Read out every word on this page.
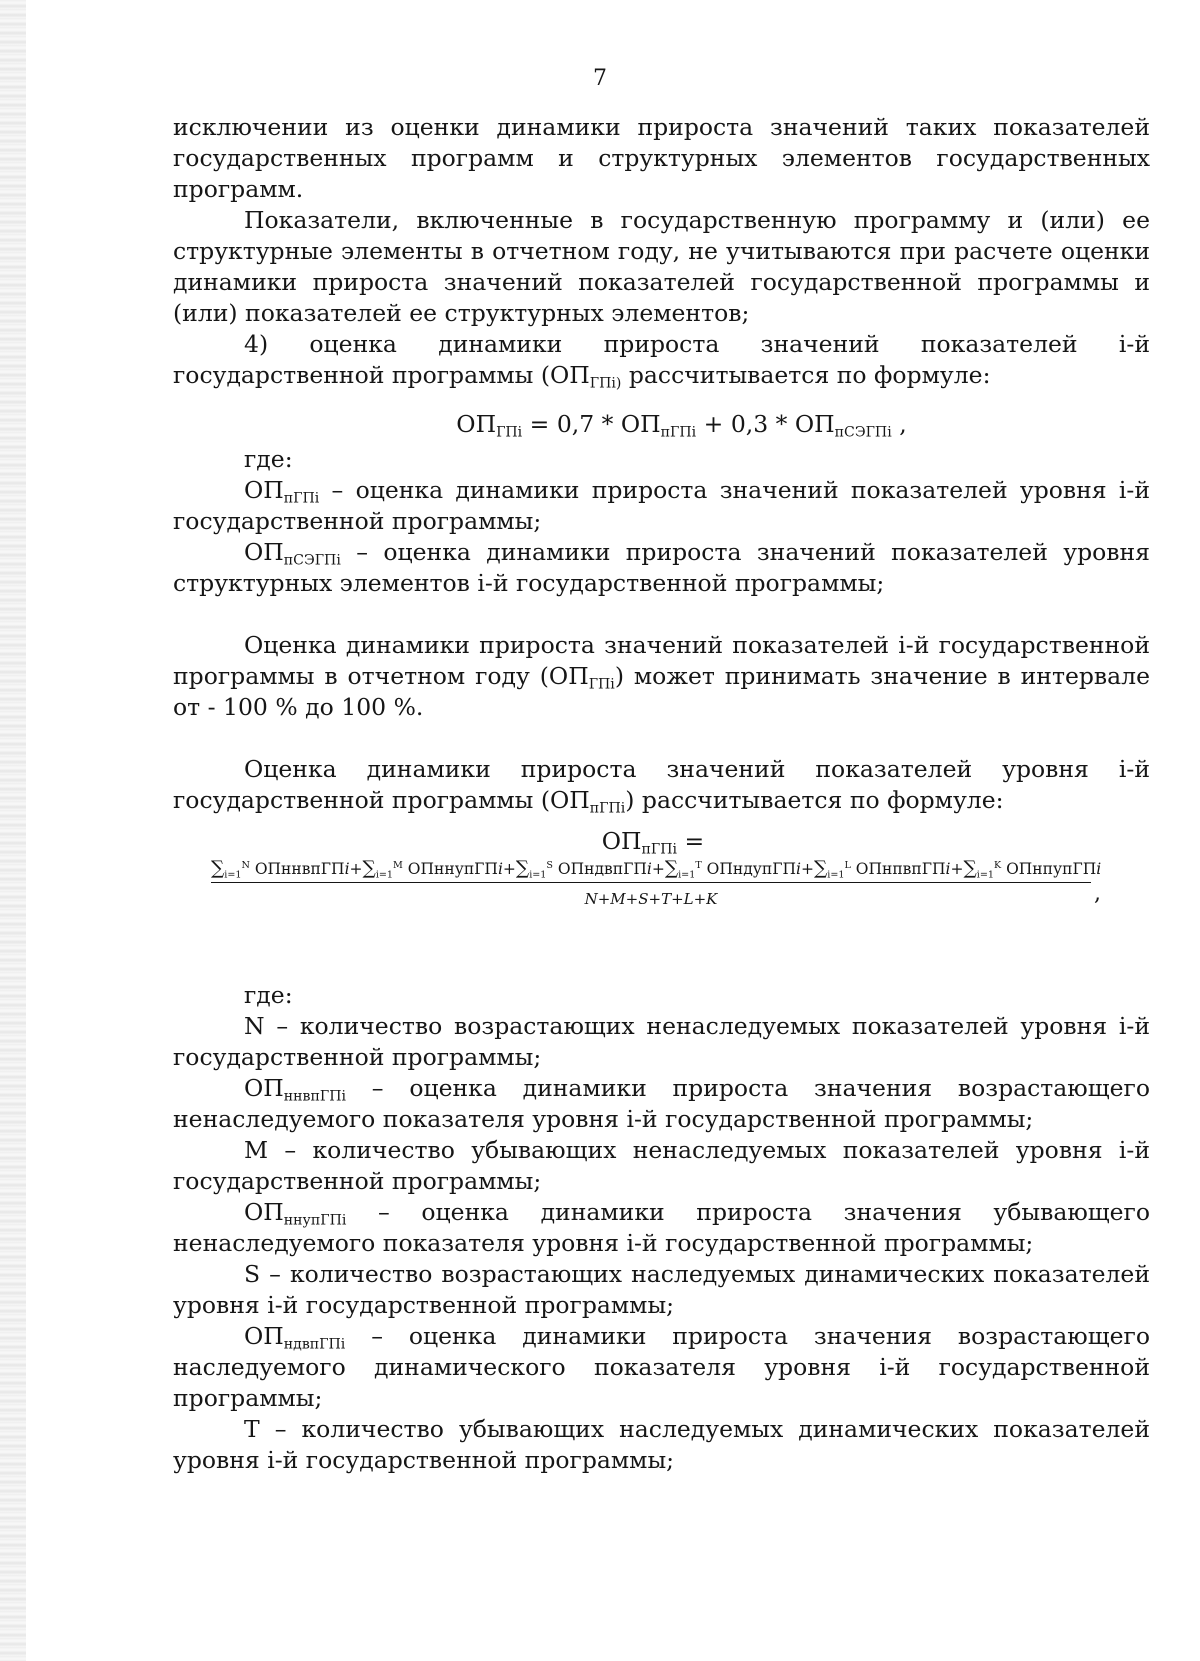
7

исключении из оценки динамики прироста значений таких показателей государственных программ и структурных элементов государственных программ.

Показатели, включенные в государственную программу и (или) ее структурные элементы в отчетном году, не учитываются при расчете оценки динамики прироста значений показателей государственной программы и (или) показателей ее структурных элементов;

4) оценка динамики прироста значений показателей i-й государственной программы ($ОП_{ГПi)}$ рассчитывается по формуле:

$ОП_{ГПi} = 0,7 * ОП_{пГПi} + 0,3 * ОП_{пСЭГПi}$ ,

где:

$ОП_{пГПi}$ – оценка динамики прироста значений показателей уровня i-й государственной программы;

$ОП_{пСЭГПi}$ – оценка динамики прироста значений показателей уровня структурных элементов i-й государственной программы;

Оценка динамики прироста значений показателей i-й государственной программы в отчетном году $(ОП_{ГПi})$ может принимать значение в интервале от - 100 % до 100 %.

Оценка динамики прироста значений показателей уровня i-й государственной программы $(ОП_{пГПi})$ рассчитывается по формуле:

$ОП_{пГПi}$ =
$\sum_{i=1}^N$ $ОПннвпГПi+\sum_{i=1}^M$ $ОПннупГПi+\sum_{i=1}^S$ $ОПндвпГПi+\sum_{i=1}^T$ $ОПндупГПi+\sum_{i=1}^L$ $ОПнпвпГПi+\sum_{i=1}^K$ ОПнпупГПi
N+M+S+T+L+K	,

где:

N – количество возрастающих ненаследуемых показателей уровня i-й государственной программы;

$ОП_{ннвпГПi}$ – оценка динамики прироста значения возрастающего ненаследуемого показателя уровня i-й государственной программы;

M – количество убывающих ненаследуемых показателей уровня i-й государственной программы;

$ОП_{ннупГПi}$ – оценка динамики прироста значения убывающего ненаследуемого показателя уровня i-й государственной программы;

S – количество возрастающих наследуемых динамических показателей уровня i-й государственной программы;

$ОП_{ндвпГПi}$ – оценка динамики прироста значения возрастающего наследуемого динамического показателя уровня i-й государственной программы;

T – количество убывающих наследуемых динамических показателей уровня i-й государственной программы;
